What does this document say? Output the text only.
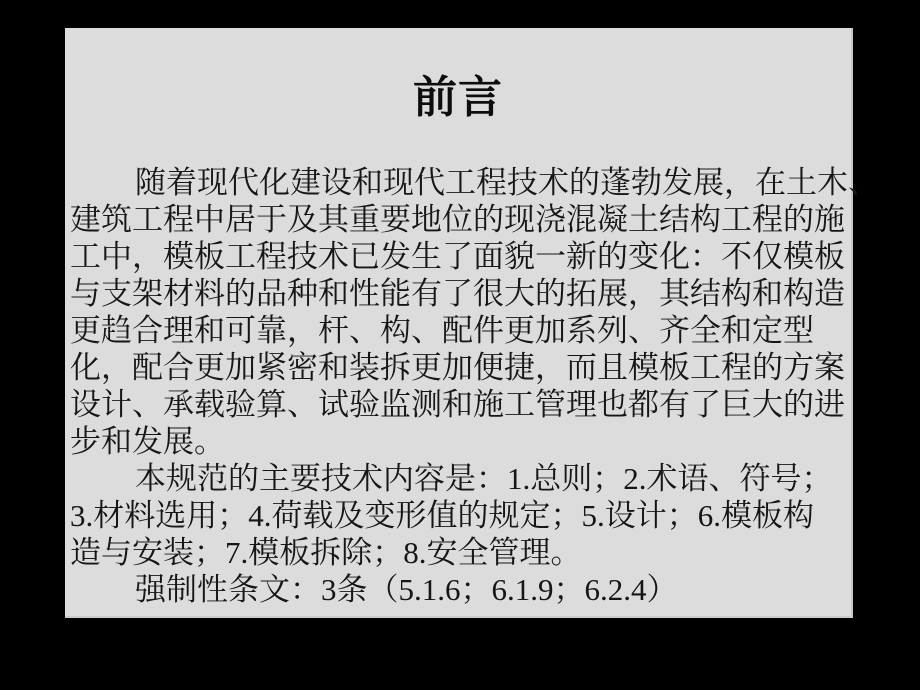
前言
随着现代化建设和现代工程技术的蓬勃发展，在土木、
建筑工程中居于及其重要地位的现浇混凝土结构工程的施
工中，模板工程技术已发生了面貌一新的变化：不仅模板
与支架材料的品种和性能有了很大的拓展，其结构和构造
更趋合理和可靠，杆、构、配件更加系列、齐全和定型
化，配合更加紧密和装拆更加便捷，而且模板工程的方案
设计、承载验算、试验监测和施工管理也都有了巨大的进
步和发展。
本规范的主要技术内容是：1.总则；2.术语、符号；
3.材料选用；4.荷载及变形值的规定；5.设计；6.模板构
造与安装；7.模板拆除；8.安全管理。
强制性条文：3条（5.1.6；6.1.9；6.2.4）
